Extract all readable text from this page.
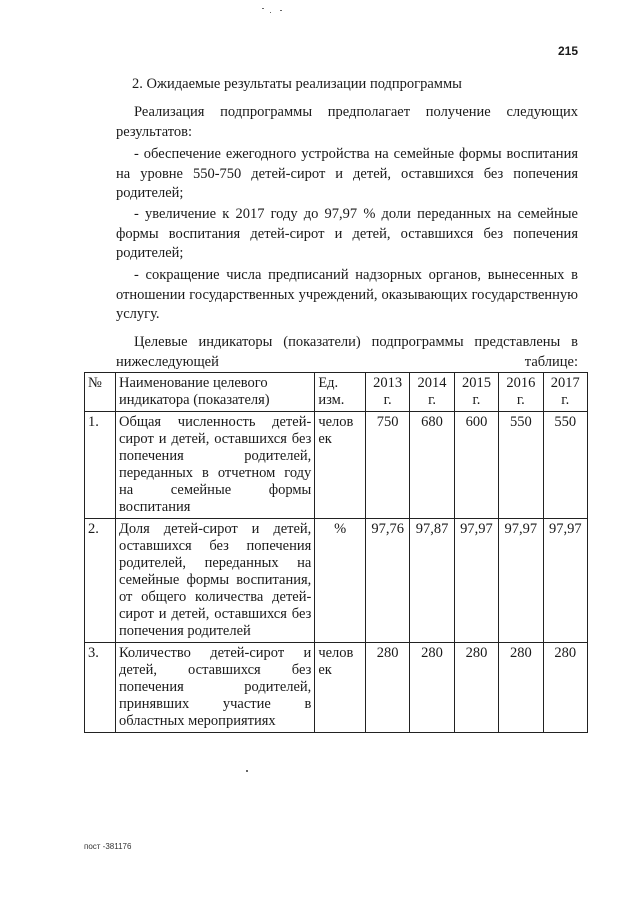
215
2. Ожидаемые результаты реализации подпрограммы

Реализация подпрограммы предполагает получение следующих результатов:

- обеспечение ежегодного устройства на семейные формы воспитания на уровне 550-750 детей-сирот и детей, оставшихся без попечения родителей;

- увеличение к 2017 году до 97,97 % доли переданных на семейные формы воспитания детей-сирот и детей, оставшихся без попечения родителей;

- сокращение числа предписаний надзорных органов, вынесенных в отношении государственных учреждений, оказывающих государственную услугу.

Целевые индикаторы (показатели) подпрограммы представлены в нижеследующей таблице:

№	Наименование целевого индикатора (показателя)	Ед. изм.	2013 г.	2014 г.	2015 г.	2016 г.	2017 г.
1.	Общая численность детей-сирот и детей, оставшихся без попечения родителей, переданных в отчетном году на семейные формы воспитания	челов ек	750	680	600	550	550
2.	Доля детей-сирот и детей, оставшихся без попечения родителей, переданных на семейные формы воспитания, от общего количества детей-сирот и детей, оставшихся без попечения родителей	%	97,76	97,87	97,97	97,97	97,97
3.	Количество детей-сирот и детей, оставшихся без попечения родителей, принявших участие в областных мероприятиях	челов ек	280	280	280	280	280
пост -381176
